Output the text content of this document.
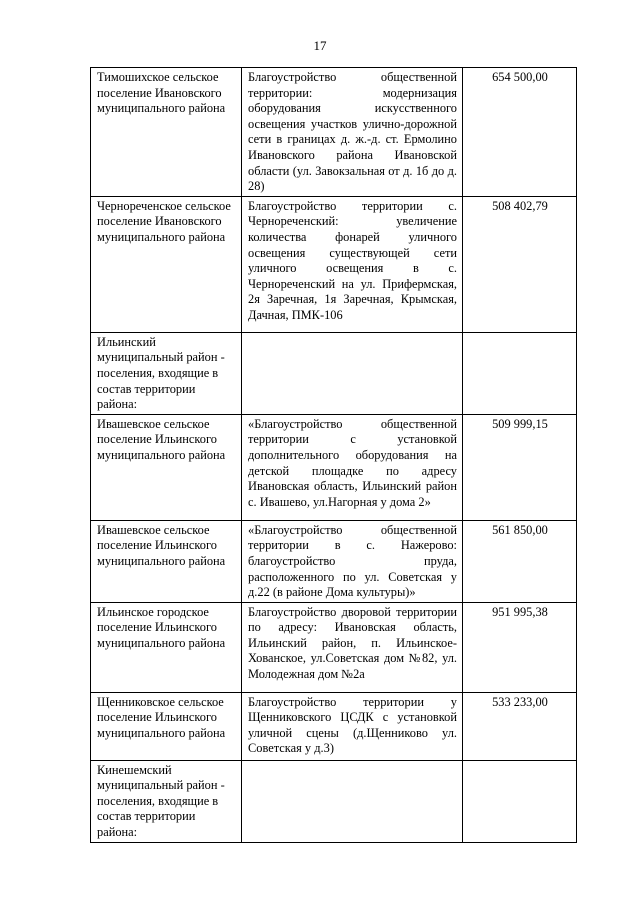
17
Тимошихское сельское поселение Ивановского муниципального района	Благоустройство общественной территории: модернизация оборудования искусственного освещения участков улично-дорожной сети в границах д. ж.-д. ст. Ермолино Ивановского района Ивановской области (ул. Завокзальная от д. 1б до д. 28)	654 500,00
Чернореченское сельское поселение Ивановского муниципального района	Благоустройство территории с. Чернореченский: увеличение количества фонарей уличного освещения существующей сети уличного освещения в с. Чернореченский на ул. Прифермская, 2я Заречная, 1я Заречная, Крымская, Дачная, ПМК-106	508 402,79
Ильинский муниципальный район - поселения, входящие в состав территории района:		
Ивашевское сельское поселение Ильинского муниципального района	«Благоустройство общественной территории с установкой дополнительного оборудования на детской площадке по адресу Ивановская область, Ильинский район с. Ивашево, ул.Нагорная у дома 2»	509 999,15
Ивашевское сельское поселение Ильинского муниципального района	«Благоустройство общественной территории в с. Нажерово: благоустройство пруда, расположенного по ул. Советская у д.22 (в районе Дома культуры)»	561 850,00
Ильинское городское поселение Ильинского муниципального района	Благоустройство дворовой территории по адресу: Ивановская область, Ильинский район, п. Ильинское-Хованское, ул.Советская дом №82, ул. Молодежная дом №2а	951 995,38
Щенниковское сельское поселение Ильинского муниципального района	Благоустройство территории у Щенниковского ЦСДК с установкой уличной сцены (д.Щенниково ул. Советская у д.3)	533 233,00
Кинешемский муниципальный район - поселения, входящие в состав территории района:		
